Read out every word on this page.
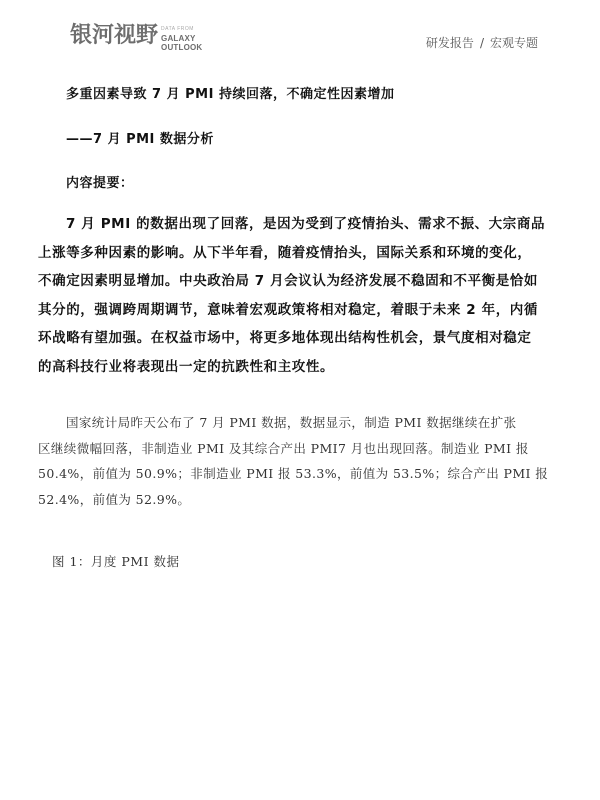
银河视野 DATA FROM
GALAXY
OUTLOOK	研发报告 / 宏观专题
多重因素导致 7 月 PMI 持续回落，不确定性因素增加
——7 月 PMI 数据分析
内容提要：
7 月 PMI 的数据出现了回落，是因为受到了疫情抬头、需求不振、大宗商品
上涨等多种因素的影响。从下半年看，随着疫情抬头，国际关系和环境的变化，
不确定因素明显增加。中央政治局 7 月会议认为经济发展不稳固和不平衡是恰如
其分的，强调跨周期调节，意味着宏观政策将相对稳定，着眼于未来 2 年，内循
环战略有望加强。在权益市场中，将更多地体现出结构性机会，景气度相对稳定
的高科技行业将表现出一定的抗跌性和主攻性。
国家统计局昨天公布了 7 月 PMI 数据，数据显示，制造 PMI 数据继续在扩张
区继续微幅回落，非制造业 PMI 及其综合产出 PMI7 月也出现回落。制造业 PMI 报
50.4%，前值为 50.9%；非制造业 PMI 报 53.3%，前值为 53.5%；综合产出 PMI 报
52.4%，前值为 52.9%。
图 1：月度 PMI 数据
